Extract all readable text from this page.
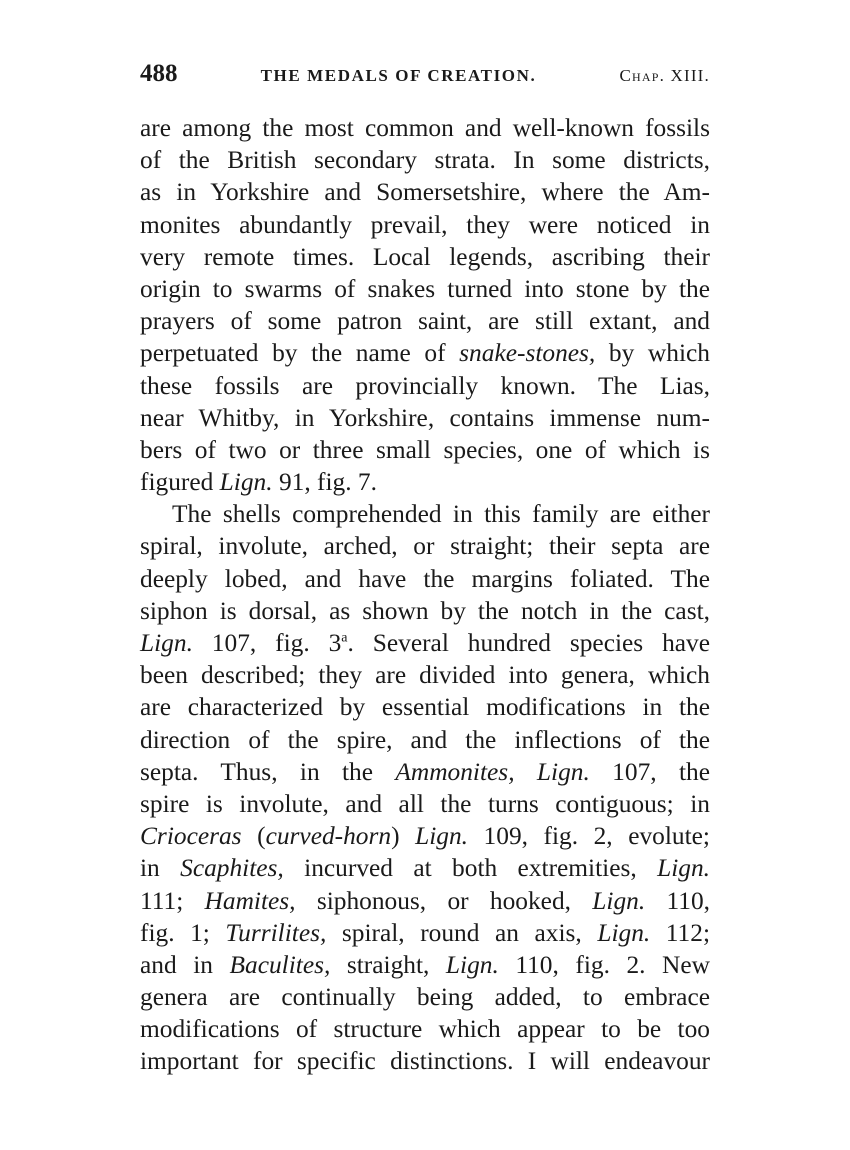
488	THE MEDALS OF CREATION.	Chap. XIII.
are among the most common and well-known fossils
of the British secondary strata. In some districts,
as in Yorkshire and Somersetshire, where the Am-
monites abundantly prevail, they were noticed in
very remote times. Local legends, ascribing their
origin to swarms of snakes turned into stone by the
prayers of some patron saint, are still extant, and
perpetuated by the name of snake-stones, by which
these fossils are provincially known. The Lias,
near Whitby, in Yorkshire, contains immense num-
bers of two or three small species, one of which is
figured Lign. 91, fig. 7.
The shells comprehended in this family are either
spiral, involute, arched, or straight; their septa are
deeply lobed, and have the margins foliated. The
siphon is dorsal, as shown by the notch in the cast,
Lign. 107, fig. 3$^a$. Several hundred species have
been described; they are divided into genera, which
are characterized by essential modifications in the
direction of the spire, and the inflections of the
septa. Thus, in the Ammonites, Lign. 107, the
spire is involute, and all the turns contiguous; in
Crioceras (curved-horn) Lign. 109, fig. 2, evolute;
in Scaphites, incurved at both extremities, Lign.
111; Hamites, siphonous, or hooked, Lign. 110,
fig. 1; Turrilites, spiral, round an axis, Lign. 112;
and in Baculites, straight, Lign. 110, fig. 2. New
genera are continually being added, to embrace
modifications of structure which appear to be too
important for specific distinctions. I will endeavour
